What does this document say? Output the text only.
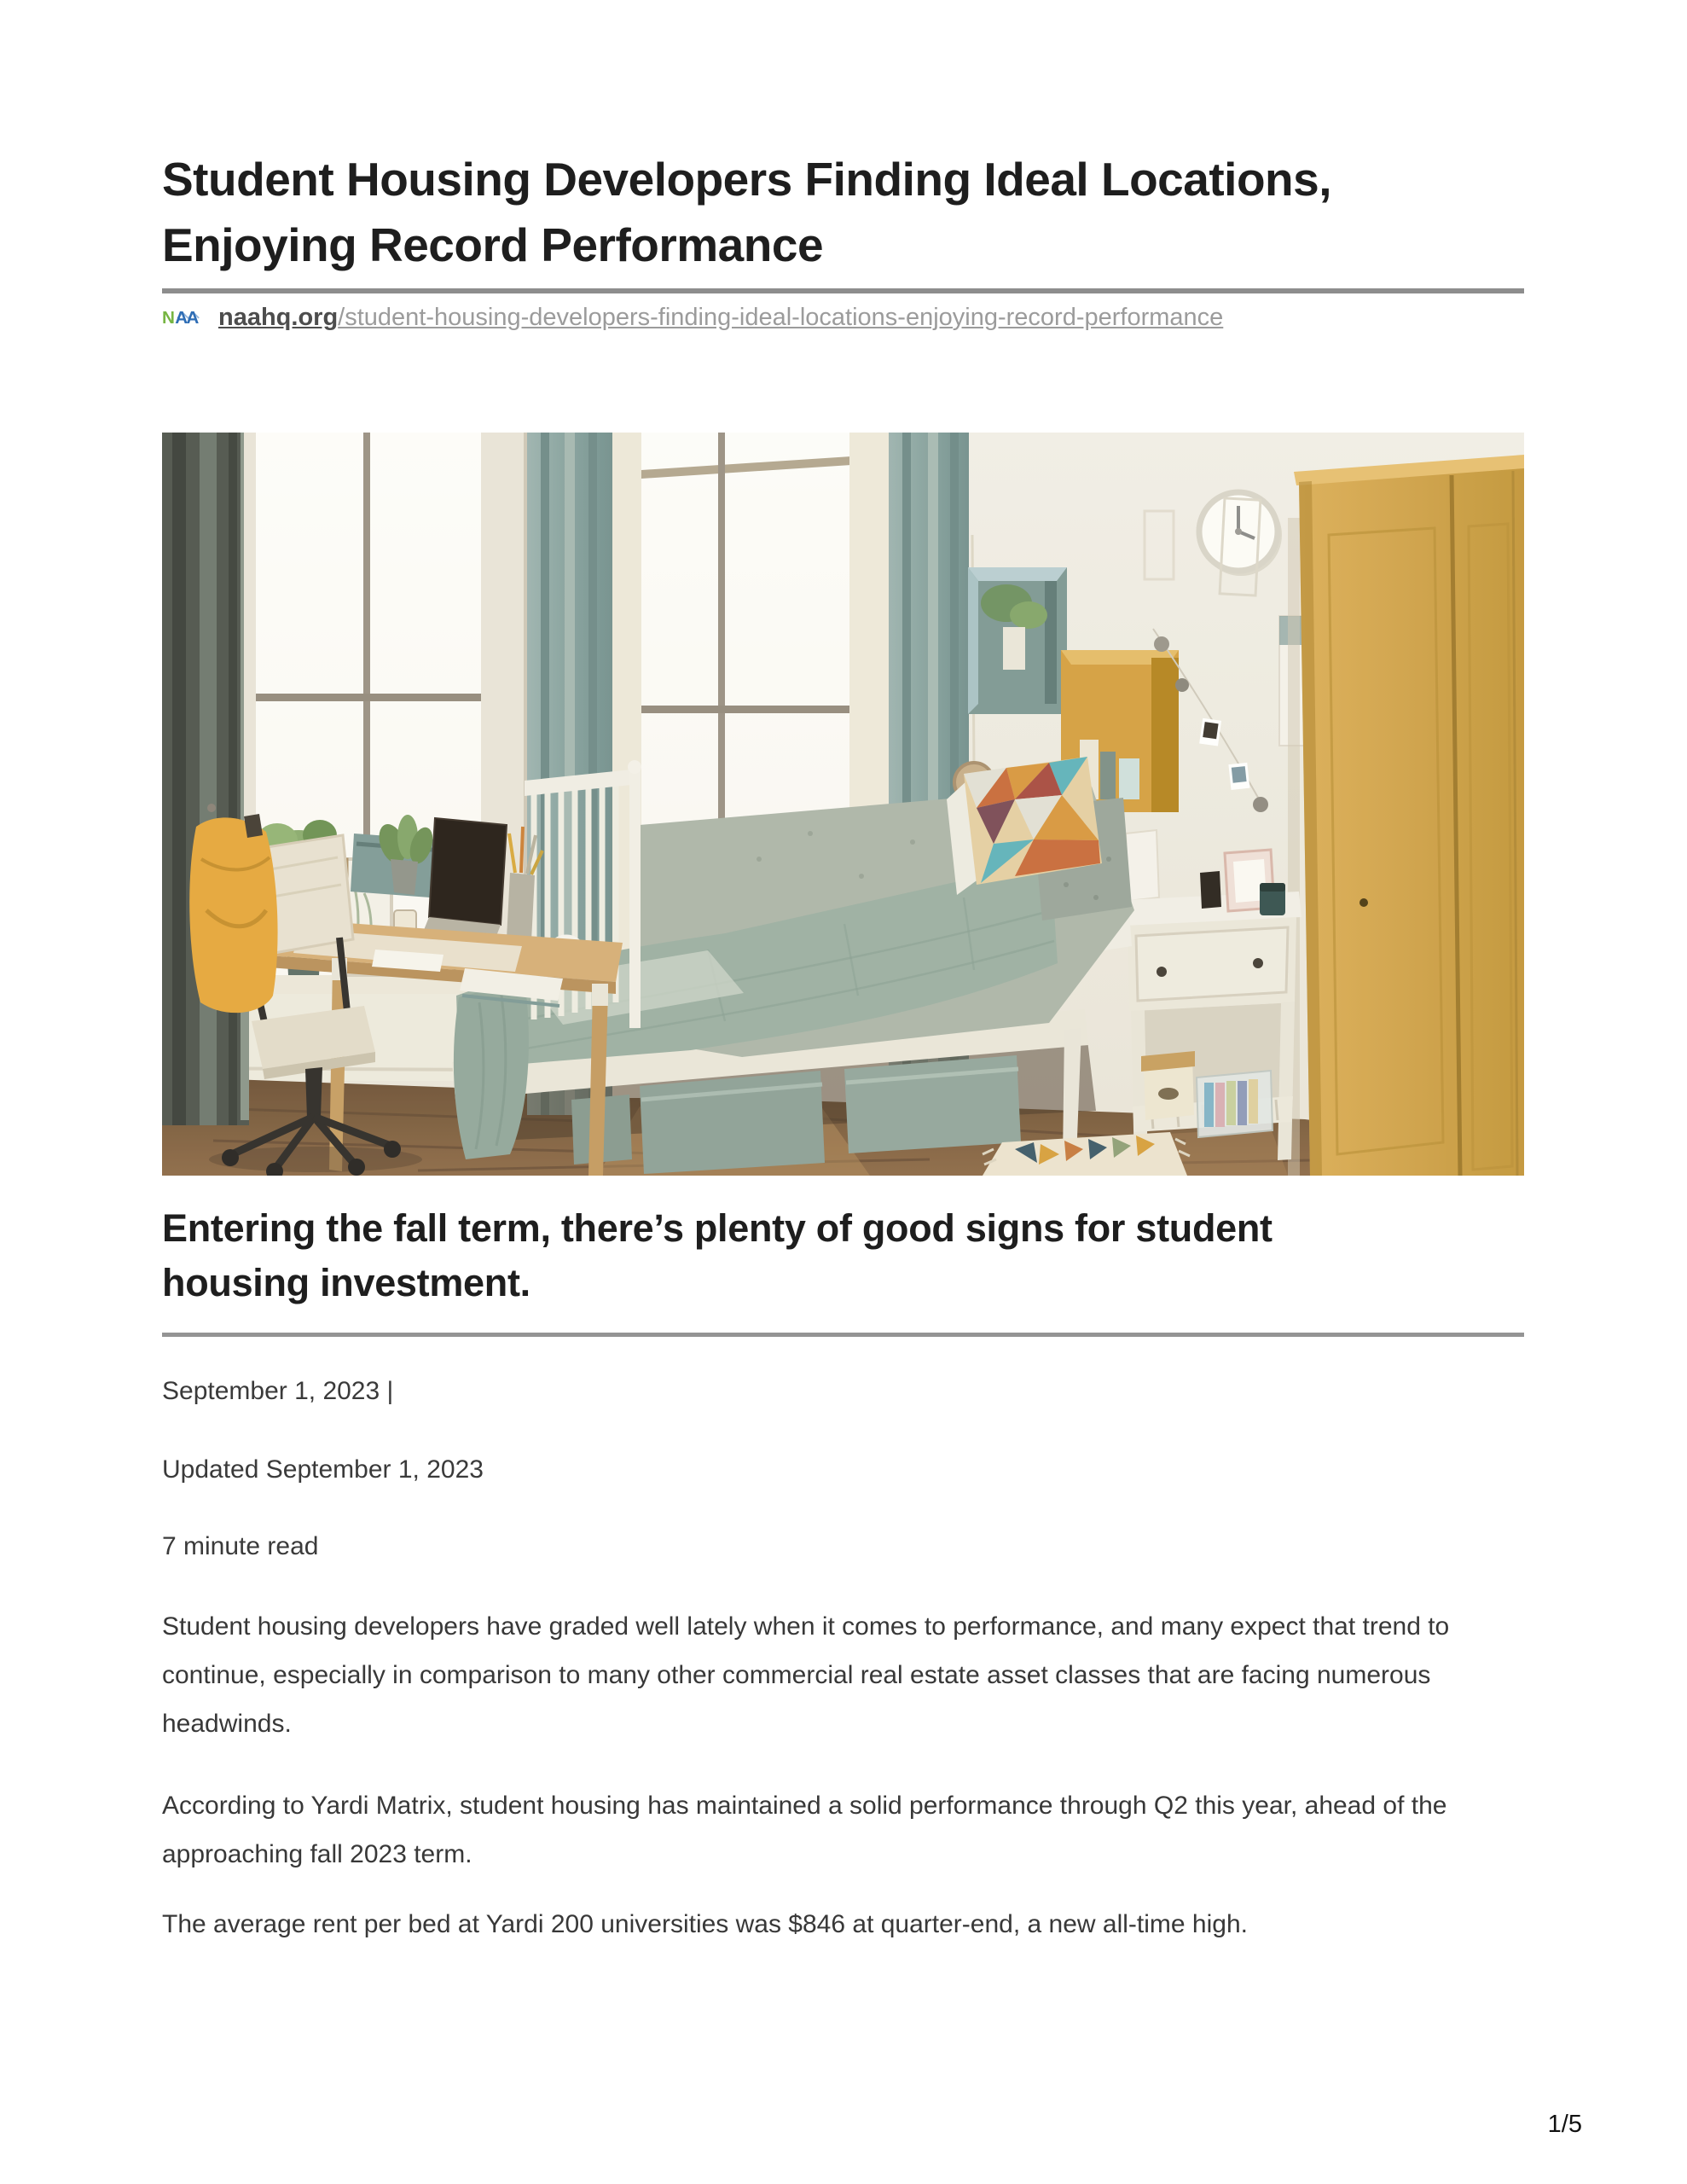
Student Housing Developers Finding Ideal Locations,
Enjoying Record Performance
N AA naahq.org/student-housing-developers-finding-ideal-locations-enjoying-record-performance
Entering the fall term, there’s plenty of good signs for student
housing investment.
September 1, 2023 |
Updated September 1, 2023
7 minute read

Student housing developers have graded well lately when it comes to performance, and many expect that trend to continue, especially in comparison to many other commercial real estate asset classes that are facing numerous headwinds.

According to Yardi Matrix, student housing has maintained a solid performance through Q2 this year, ahead of the approaching fall 2023 term.

The average rent per bed at Yardi 200 universities was $846 at quarter-end, a new all-time high.

1/5
